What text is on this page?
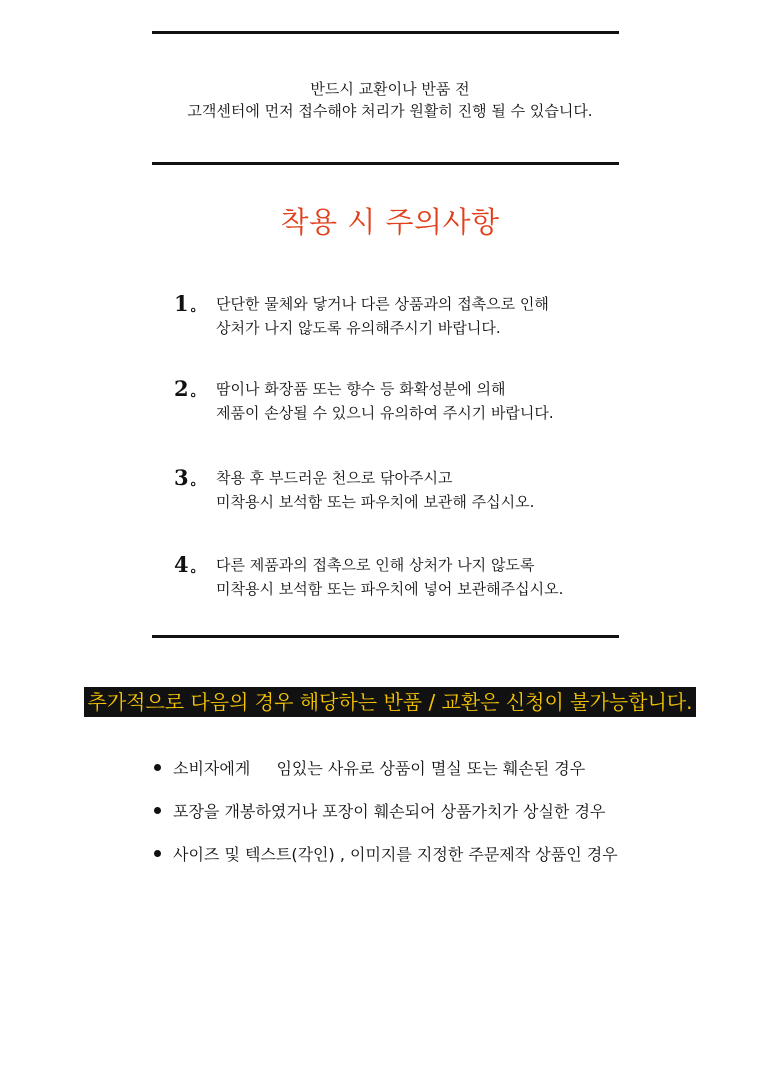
반드시 교환이나 반품 전
고객센터에 먼저 접수해야 처리가 원활히 진행 될 수 있습니다.
착용 시 주의사항
1 。 단단한 물체와 닿거나 다른 상품과의 접촉으로 인해
상처가 나지 않도록 유의해주시기 바랍니다.
2 。 땀이나 화장품 또는 향수 등 화확성분에 의해
제품이 손상될 수 있으니 유의하여 주시기 바랍니다.
3 。 착용 후 부드러운 천으로 닦아주시고
미착용시 보석함 또는 파우치에 보관해 주십시오.
4 。 다른 제품과의 접촉으로 인해 상처가 나지 않도록
미착용시 보석함 또는 파우치에 넣어 보관해주십시오.
추가적으로 다음의 경우 해당하는 반품 / 교환은 신청이 불가능합니다.
소비자에게 　 임있는 사유로 상품이 멸실 또는 훼손된 경우
포장을 개봉하였거나 포장이 훼손되어 상품가치가 상실한 경우
사이즈 및 텍스트(각인) , 이미지를 지정한 주문제작 상품인 경우
